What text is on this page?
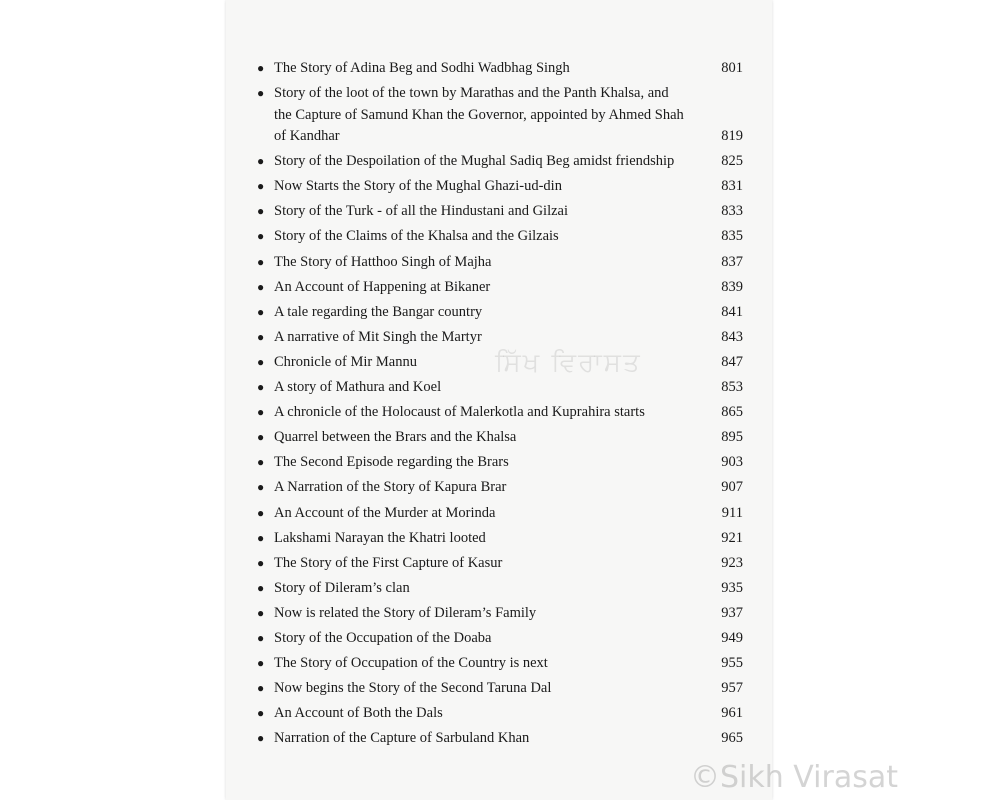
● The Story of Adina Beg and Sodhi Wadbhag Singh	801
● Story of the loot of the town by Marathas and the Panth Khalsa, and the Capture of Samund Khan the Governor, appointed by Ahmed Shah of Kandhar	819
● Story of the Despoilation of the Mughal Sadiq Beg amidst friendship	825
● Now Starts the Story of the Mughal Ghazi-ud-din	831
● Story of the Turk - of all the Hindustani and Gilzai	833
● Story of the Claims of the Khalsa and the Gilzais	835
● The Story of Hatthoo Singh of Majha	837
● An Account of Happening at Bikaner	839
● A tale regarding the Bangar country	841
● A narrative of Mit Singh the Martyr	843
● Chronicle of Mir Mannu	847
● A story of Mathura and Koel	853
● A chronicle of the Holocaust of Malerkotla and Kuprahira starts	865
● Quarrel between the Brars and the Khalsa	895
● The Second Episode regarding the Brars	903
● A Narration of the Story of Kapura Brar	907
● An Account of the Murder at Morinda	911
● Lakshami Narayan the Khatri looted	921
● The Story of the First Capture of Kasur	923
● Story of Dileram’s clan	935
● Now is related the Story of Dileram’s Family	937
● Story of the Occupation of the Doaba	949
● The Story of Occupation of the Country is next	955
● Now begins the Story of the Second Taruna Dal	957
● An Account of Both the Dals	961
● Narration of the Capture of Sarbuland Khan	965
ਸਿੱਖ ਵਿਰਾਸਤ
©Sikh Virasat
